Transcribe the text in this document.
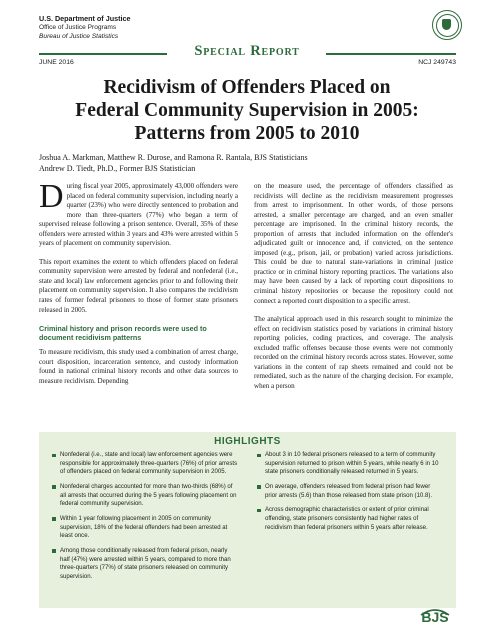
U.S. Department of Justice
Office of Justice Programs
Bureau of Justice Statistics
Special Report
JUNE 2016	NCJ 249743
Recidivism of Offenders Placed on
Federal Community Supervision in 2005:
Patterns from 2005 to 2010
Joshua A. Markman, Matthew R. Durose, and Ramona R. Rantala, BJS Statisticians
Andrew D. Tiedt, Ph.D., Former BJS Statistician

During fiscal year 2005, approximately 43,000 offenders were placed on federal community supervision, including nearly a quarter (23%) who were directly sentenced to probation and more than three-quarters (77%) who began a term of supervised release following a prison sentence. Overall, 35% of these offenders were arrested within 3 years and 43% were arrested within 5 years of placement on community supervision.

This report examines the extent to which offenders placed on federal community supervision were arrested by federal and nonfederal (i.e., state and local) law enforcement agencies prior to and following their placement on community supervision. It also compares the recidivism rates of former federal prisoners to those of former state prisoners released in 2005.

Criminal history and prison records were used to document recidivism patterns

To measure recidivism, this study used a combination of arrest charge, court disposition, incarceration sentence, and custody information found in national criminal history records and other data sources to measure recidivism. Depending

on the measure used, the percentage of offenders classified as recidivists will decline as the recidivism measurement progresses from arrest to imprisonment. In other words, of those persons arrested, a smaller percentage are charged, and an even smaller percentage are imprisoned. In the criminal history records, the proportion of arrests that included information on the offender's adjudicated guilt or innocence and, if convicted, on the sentence imposed (e.g., prison, jail, or probation) varied across jurisdictions. This could be due to natural state-variations in criminal justice practice or in criminal history reporting practices. The variations also may have been caused by a lack of reporting court dispositions to criminal history repositories or because the repository could not connect a reported court disposition to a specific arrest.

The analytical approach used in this research sought to minimize the effect on recidivism statistics posed by variations in criminal history reporting policies, coding practices, and coverage. The analysis excluded traffic offenses because those events were not commonly recorded on the criminal history records across states. However, some variations in the content of rap sheets remained and could not be remediated, such as the nature of the charging decision. For example, when a person

HIGHLIGHTS
Nonfederal (i.e., state and local) law enforcement agencies were responsible for approximately three-quarters (76%) of prior arrests of offenders placed on federal community supervision in 2005.
Nonfederal charges accounted for more than two-thirds (68%) of all arrests that occurred during the 5 years following placement on federal community supervision.
Within 1 year following placement in 2005 on community supervision, 18% of the federal offenders had been arrested at least once.
Among those conditionally released from federal prison, nearly half (47%) were arrested within 5 years, compared to more than three-quarters (77%) of state prisoners released on community supervision.
About 3 in 10 federal prisoners released to a term of community supervision returned to prison within 5 years, while nearly 6 in 10 state prisoners conditionally released returned in 5 years.
On average, offenders released from federal prison had fewer prior arrests (5.6) than those released from state prison (10.8).
Across demographic characteristics or extent of prior criminal offending, state prisoners consistently had higher rates of recidivism than federal prisoners within 5 years after release.
BJS
